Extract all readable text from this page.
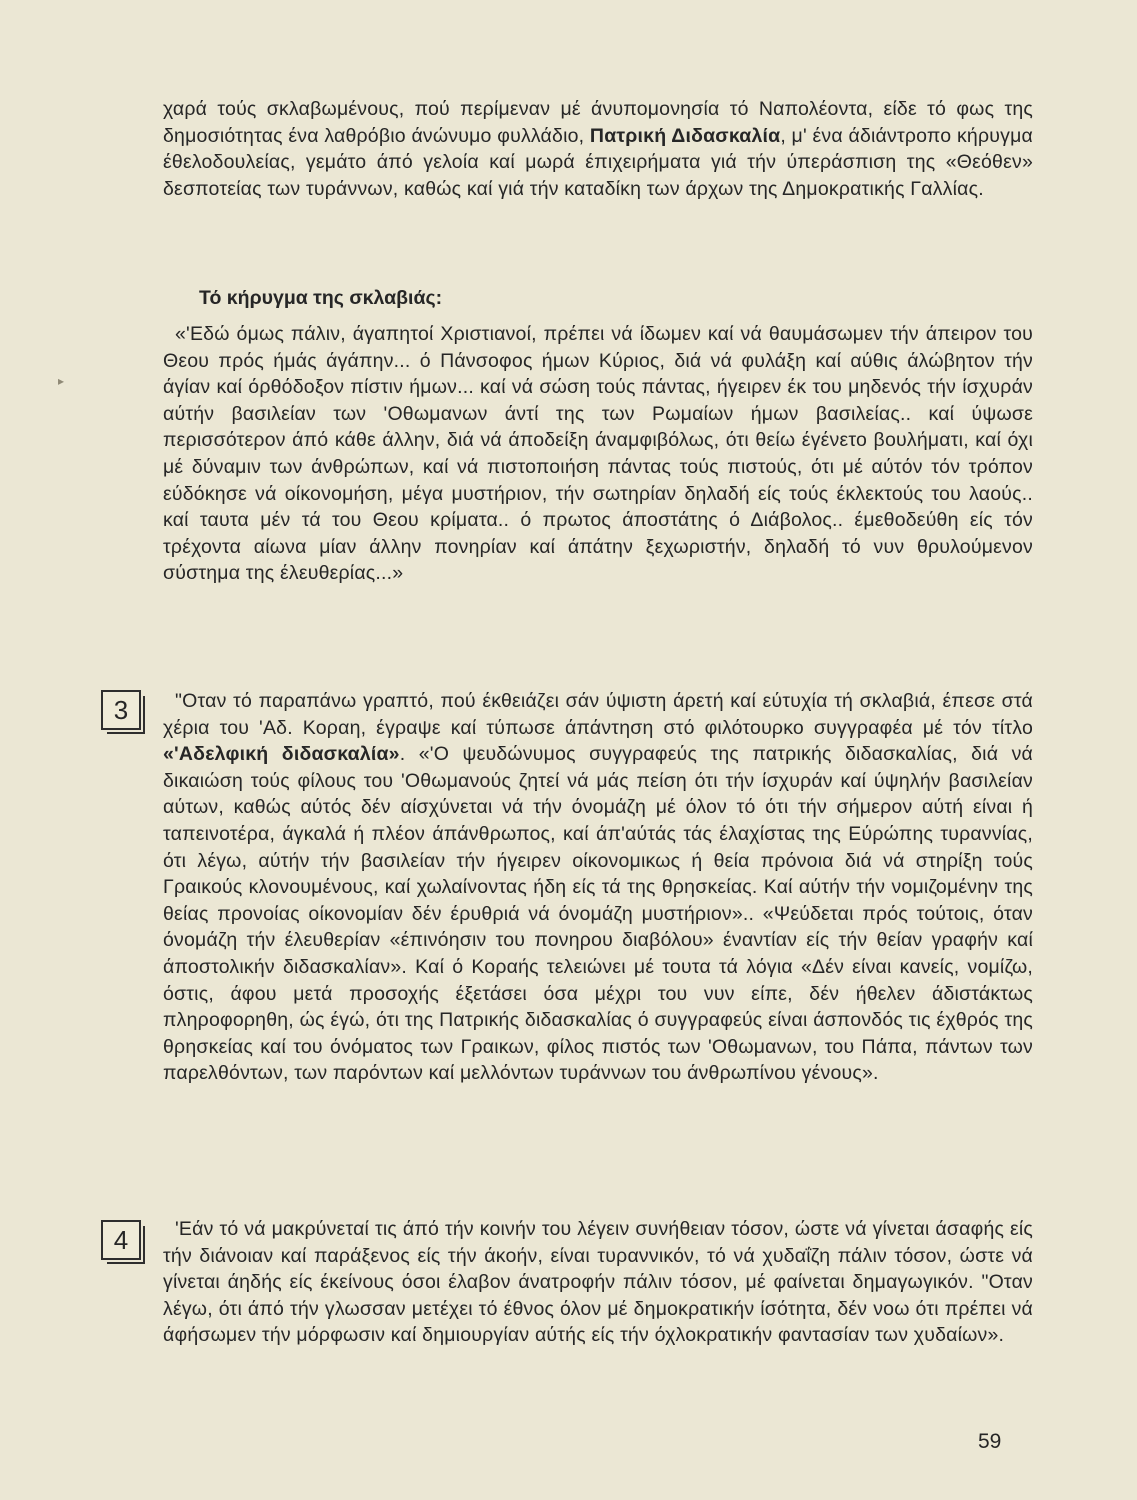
χαρά τούς σκλαβωμένους, πού περίμεναν μέ άνυπομονησία τό Ναπολέοντα, είδε τό φως της δημοσιότητας ένα λαθρόβιο άνώνυμο φυλλάδιο, Πατρική Διδασκαλία, μ' ένα άδιάντροπο κήρυγμα έθελοδουλείας, γεμάτο άπό γελοία καί μωρά έπιχειρήματα γιά τήν ύπεράσπιση της «Θεόθεν» δεσποτείας των τυράννων, καθώς καί γιά τήν καταδίκη των άρχων της Δημοκρατικής Γαλλίας.

Τό κήρυγμα της σκλαβιάς:

«'Εδώ όμως πάλιν, άγαπητοί Χριστιανοί, πρέπει νά ίδωμεν καί νά θαυμάσωμεν τήν άπειρον του Θεου πρός ήμάς άγάπην... ό Πάνσοφος ήμων Κύριος, διά νά φυλάξη καί αύθις άλώβητον τήν άγίαν καί όρθόδοξον πίστιν ήμων... καί νά σώση τούς πάντας, ήγειρεν έκ του μηδενός τήν ίσχυράν αύτήν βασιλείαν των 'Οθωμανων άντί της των Ρωμαίων ήμων βασιλείας.. καί ύψωσε περισσότερον άπό κάθε άλλην, διά νά άποδείξη άναμφιβόλως, ότι θείω έγένετο βουλήματι, καί όχι μέ δύναμιν των άνθρώπων, καί νά πιστοποιήση πάντας τούς πιστούς, ότι μέ αύτόν τόν τρόπον εύδόκησε νά οίκονομήση, μέγα μυστήριον, τήν σωτηρίαν δηλαδή είς τούς έκλεκτούς του λαούς.. καί ταυτα μέν τά του Θεου κρίματα.. ό πρωτος άποστάτης ό Διάβολος.. έμεθοδεύθη είς τόν τρέχοντα αίωνα μίαν άλλην πονηρίαν καί άπάτην ξεχωριστήν, δηλαδή τό νυν θρυλούμενον σύστημα της έλευθερίας...»

▸
3	"Οταν τό παραπάνω γραπτό, πού έκθειάζει σάν ύψιστη άρετή καί εύτυχία τή σκλαβιά, έπεσε στά χέρια του 'Αδ. Κοραη, έγραψε καί τύπωσε άπάντηση στό φιλότουρκο συγγραφέα μέ τόν τίτλο «'Αδελφική διδασκαλία». «'Ο ψευδώνυμος συγγραφεύς της πατρικής διδασκαλίας, διά νά δικαιώση τούς φίλους του 'Οθωμανούς ζητεί νά μάς πείση ότι τήν ίσχυράν καί ύψηλήν βασιλείαν αύτων, καθώς αύτός δέν αίσχύνεται νά τήν όνομάζη μέ όλον τό ότι τήν σήμερον αύτή είναι ή ταπεινοτέρα, άγκαλά ή πλέον άπάνθρωπος, καί άπ'αύτάς τάς έλαχίστας της Εύρώπης τυραννίας, ότι λέγω, αύτήν τήν βασιλείαν τήν ήγειρεν οίκονομικως ή θεία πρόνοια διά νά στηρίξη τούς Γραικούς κλονουμένους, καί χωλαίνοντας ήδη είς τά της θρησκείας. Καί αύτήν τήν νομιζομένην της θείας προνοίας οίκονομίαν δέν έρυθριά νά όνομάζη μυστήριον».. «Ψεύδεται πρός τούτοις, όταν όνομάζη τήν έλευθερίαν «έπινόησιν του πονηρου διαβόλου» έναντίαν είς τήν θείαν γραφήν καί άποστολικήν διδασκαλίαν». Καί ό Κοραής τελειώνει μέ τουτα τά λόγια «Δέν είναι κανείς, νομίζω, όστις, άφου μετά προσοχής έξετάσει όσα μέχρι του νυν είπε, δέν ήθελεν άδιστάκτως πληροφορηθη, ώς έγώ, ότι της Πατρικής διδασκαλίας ό συγγραφεύς είναι άσπονδός τις έχθρός της θρησκείας καί του όνόματος των Γραικων, φίλος πιστός των 'Οθωμανων, του Πάπα, πάντων των παρελθόντων, των παρόντων καί μελλόντων τυράννων του άνθρωπίνου γένους».

4	'Εάν τό νά μακρύνεταί τις άπό τήν κοινήν του λέγειν συνήθειαν τόσον, ώστε νά γίνεται άσαφής είς τήν διάνοιαν καί παράξενος είς τήν άκοήν, είναι τυραννικόν, τό νά χυδαΐζη πάλιν τόσον, ώστε νά γίνεται άηδής είς έκείνους όσοι έλαβον άνατροφήν πάλιν τόσον, μέ φαίνεται δημαγωγικόν. "Οταν λέγω, ότι άπό τήν γλωσσαν μετέχει τό έθνος όλον μέ δημοκρατικήν ίσότητα, δέν νοω ότι πρέπει νά άφήσωμεν τήν μόρφωσιν καί δημιουργίαν αύτής είς τήν όχλοκρατικήν φαντασίαν των χυδαίων».

59
